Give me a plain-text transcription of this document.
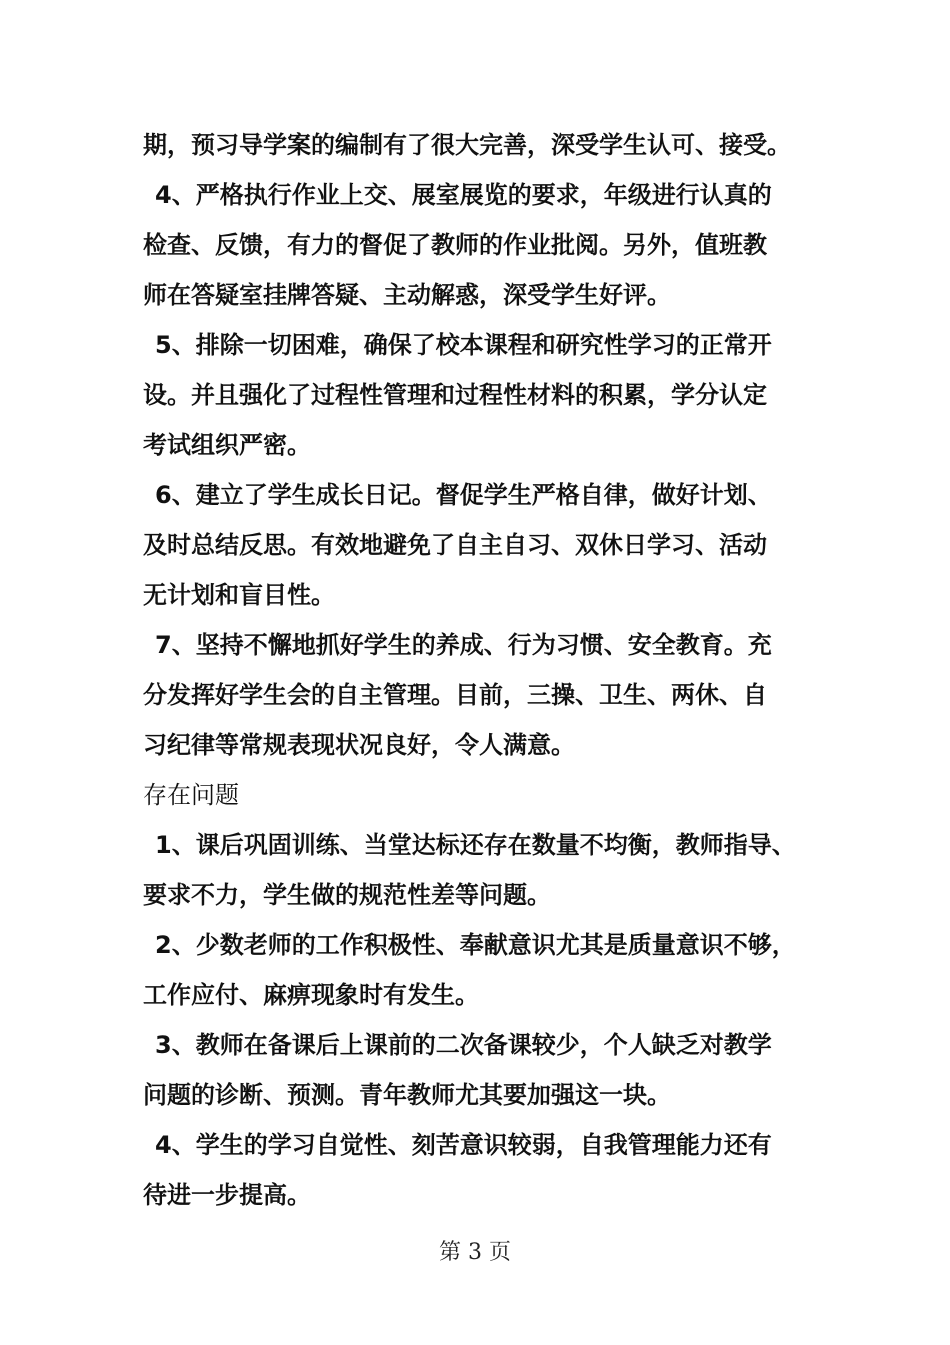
期，预习导学案的编制有了很大完善，深受学生认可、接受。
4、严格执行作业上交、展室展览的要求，年级进行认真的
检查、反馈，有力的督促了教师的作业批阅。另外，值班教
师在答疑室挂牌答疑、主动解惑，深受学生好评。
5、排除一切困难，确保了校本课程和研究性学习的正常开
设。并且强化了过程性管理和过程性材料的积累，学分认定
考试组织严密。
6、建立了学生成长日记。督促学生严格自律，做好计划、
及时总结反思。有效地避免了自主自习、双休日学习、活动
无计划和盲目性。
7、坚持不懈地抓好学生的养成、行为习惯、安全教育。充
分发挥好学生会的自主管理。目前，三操、卫生、两休、自
习纪律等常规表现状况良好，令人满意。
存在问题
1、课后巩固训练、当堂达标还存在数量不均衡，教师指导、
要求不力，学生做的规范性差等问题。
2、少数老师的工作积极性、奉献意识尤其是质量意识不够，
工作应付、麻痹现象时有发生。
3、教师在备课后上课前的二次备课较少，个人缺乏对教学
问题的诊断、预测。青年教师尤其要加强这一块。
4、学生的学习自觉性、刻苦意识较弱，自我管理能力还有
待进一步提高。
第 3 页
